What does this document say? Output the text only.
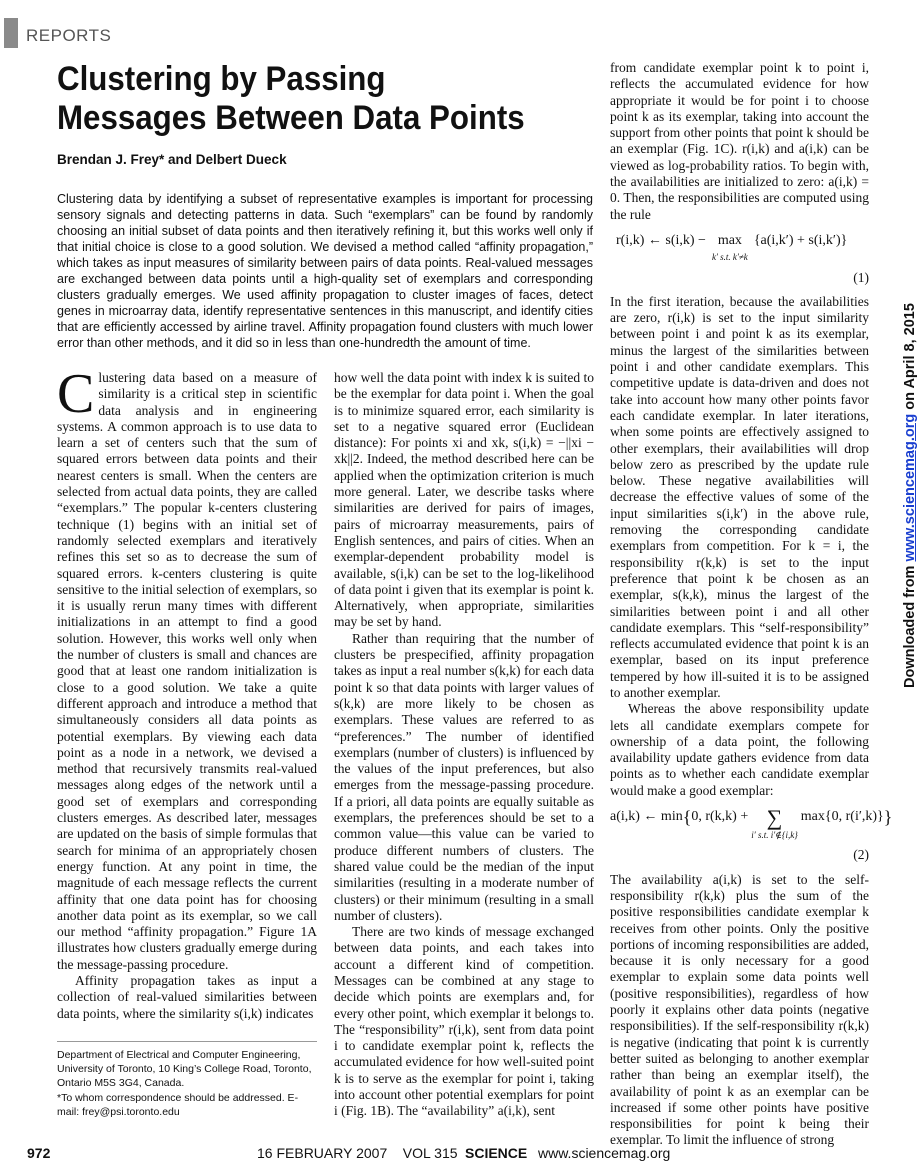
REPORTS
Clustering by Passing Messages Between Data Points
Brendan J. Frey* and Delbert Dueck

Clustering data by identifying a subset of representative examples is important for processing sensory signals and detecting patterns in data. Such “exemplars” can be found by randomly choosing an initial subset of data points and then iteratively refining it, but this works well only if that initial choice is close to a good solution. We devised a method called “affinity propagation,” which takes as input measures of similarity between pairs of data points. Real-valued messages are exchanged between data points until a high-quality set of exemplars and corresponding clusters gradually emerges. We used affinity propagation to cluster images of faces, detect genes in microarray data, identify representative sentences in this manuscript, and identify cities that are efficiently accessed by airline travel. Affinity propagation found clusters with much lower error than other methods, and it did so in less than one-hundredth the amount of time.

C lustering data based on a measure of similarity is a critical step in scientific data analysis and in engineering systems. A common approach is to use data to learn a set of centers such that the sum of squared errors between data points and their nearest centers is small. When the centers are selected from actual data points, they are called “exemplars.” The popular k-centers clustering technique (1) begins with an initial set of randomly selected exemplars and iteratively refines this set so as to decrease the sum of squared errors. k-centers clustering is quite sensitive to the initial selection of exemplars, so it is usually rerun many times with different initializations in an attempt to find a good solution. However, this works well only when the number of clusters is small and chances are good that at least one random initialization is close to a good solution. We take a quite different approach and introduce a method that simultaneously considers all data points as potential exemplars. By viewing each data point as a node in a network, we devised a method that recursively transmits real-valued messages along edges of the network until a good set of exemplars and corresponding clusters emerges. As described later, messages are updated on the basis of simple formulas that search for minima of an appropriately chosen energy function. At any point in time, the magnitude of each message reflects the current affinity that one data point has for choosing another data point as its exemplar, so we call our method “affinity propagation.” Figure 1A illustrates how clusters gradually emerge during the message-passing procedure.

Affinity propagation takes as input a collection of real-valued similarities between data points, where the similarity s(i,k) indicates

how well the data point with index k is suited to be the exemplar for data point i. When the goal is to minimize squared error, each similarity is set to a negative squared error (Euclidean distance): For points xi and xk, s(i,k) = −||xi − xk||2. Indeed, the method described here can be applied when the optimization criterion is much more general. Later, we describe tasks where similarities are derived for pairs of images, pairs of microarray measurements, pairs of English sentences, and pairs of cities. When an exemplar-dependent probability model is available, s(i,k) can be set to the log-likelihood of data point i given that its exemplar is point k. Alternatively, when appropriate, similarities may be set by hand.

Rather than requiring that the number of clusters be prespecified, affinity propagation takes as input a real number s(k,k) for each data point k so that data points with larger values of s(k,k) are more likely to be chosen as exemplars. These values are referred to as “preferences.” The number of identified exemplars (number of clusters) is influenced by the values of the input preferences, but also emerges from the message-passing procedure. If a priori, all data points are equally suitable as exemplars, the preferences should be set to a common value—this value can be varied to produce different numbers of clusters. The shared value could be the median of the input similarities (resulting in a moderate number of clusters) or their minimum (resulting in a small number of clusters).

There are two kinds of message exchanged between data points, and each takes into account a different kind of competition. Messages can be combined at any stage to decide which points are exemplars and, for every other point, which exemplar it belongs to. The “responsibility” r(i,k), sent from data point i to candidate exemplar point k, reflects the accumulated evidence for how well-suited point k is to serve as the exemplar for point i, taking into account other potential exemplars for point i (Fig. 1B). The “availability” a(i,k), sent

from candidate exemplar point k to point i, reflects the accumulated evidence for how appropriate it would be for point i to choose point k as its exemplar, taking into account the support from other points that point k should be an exemplar (Fig. 1C). r(i,k) and a(i,k) can be viewed as log-probability ratios. To begin with, the availabilities are initialized to zero: a(i,k) = 0. Then, the responsibilities are computed using the rule

r(i,k) ← s(i,k) − max
k′ s.t. k′≠k
{a(i,k′) + s(i,k′)}
(1)

In the first iteration, because the availabilities are zero, r(i,k) is set to the input similarity between point i and point k as its exemplar, minus the largest of the similarities between point i and other candidate exemplars. This competitive update is data-driven and does not take into account how many other points favor each candidate exemplar. In later iterations, when some points are effectively assigned to other exemplars, their availabilities will drop below zero as prescribed by the update rule below. These negative availabilities will decrease the effective values of some of the input similarities s(i,k′) in the above rule, removing the corresponding candidate exemplars from competition. For k = i, the responsibility r(k,k) is set to the input preference that point k be chosen as an exemplar, s(k,k), minus the largest of the similarities between point i and all other candidate exemplars. This “self-responsibility” reflects accumulated evidence that point k is an exemplar, based on its input preference tempered by how ill-suited it is to be assigned to another exemplar.

Whereas the above responsibility update lets all candidate exemplars compete for ownership of a data point, the following availability update gathers evidence from data points as to whether each candidate exemplar would make a good exemplar:

a(i,k) ← min { 0, r(k,k) + ∑
i′ s.t. i′∉{i,k}
max{0, r(i′,k)} }
(2)

The availability a(i,k) is set to the self-responsibility r(k,k) plus the sum of the positive responsibilities candidate exemplar k receives from other points. Only the positive portions of incoming responsibilities are added, because it is only necessary for a good exemplar to explain some data points well (positive responsibilities), regardless of how poorly it explains other data points (negative responsibilities). If the self-responsibility r(k,k) is negative (indicating that point k is currently better suited as belonging to another exemplar rather than being an exemplar itself), the availability of point k as an exemplar can be increased if some other points have positive responsibilities for point k being their exemplar. To limit the influence of strong

Department of Electrical and Computer Engineering, University of Toronto, 10 King’s College Road, Toronto, Ontario M5S 3G4, Canada.

*To whom correspondence should be addressed. E-mail: frey@psi.toronto.edu

Downloaded from www.sciencemag.org on April 8, 2015
972	16 FEBRUARY 2007    VOL 315 SCIENCE www.sciencemag.org
